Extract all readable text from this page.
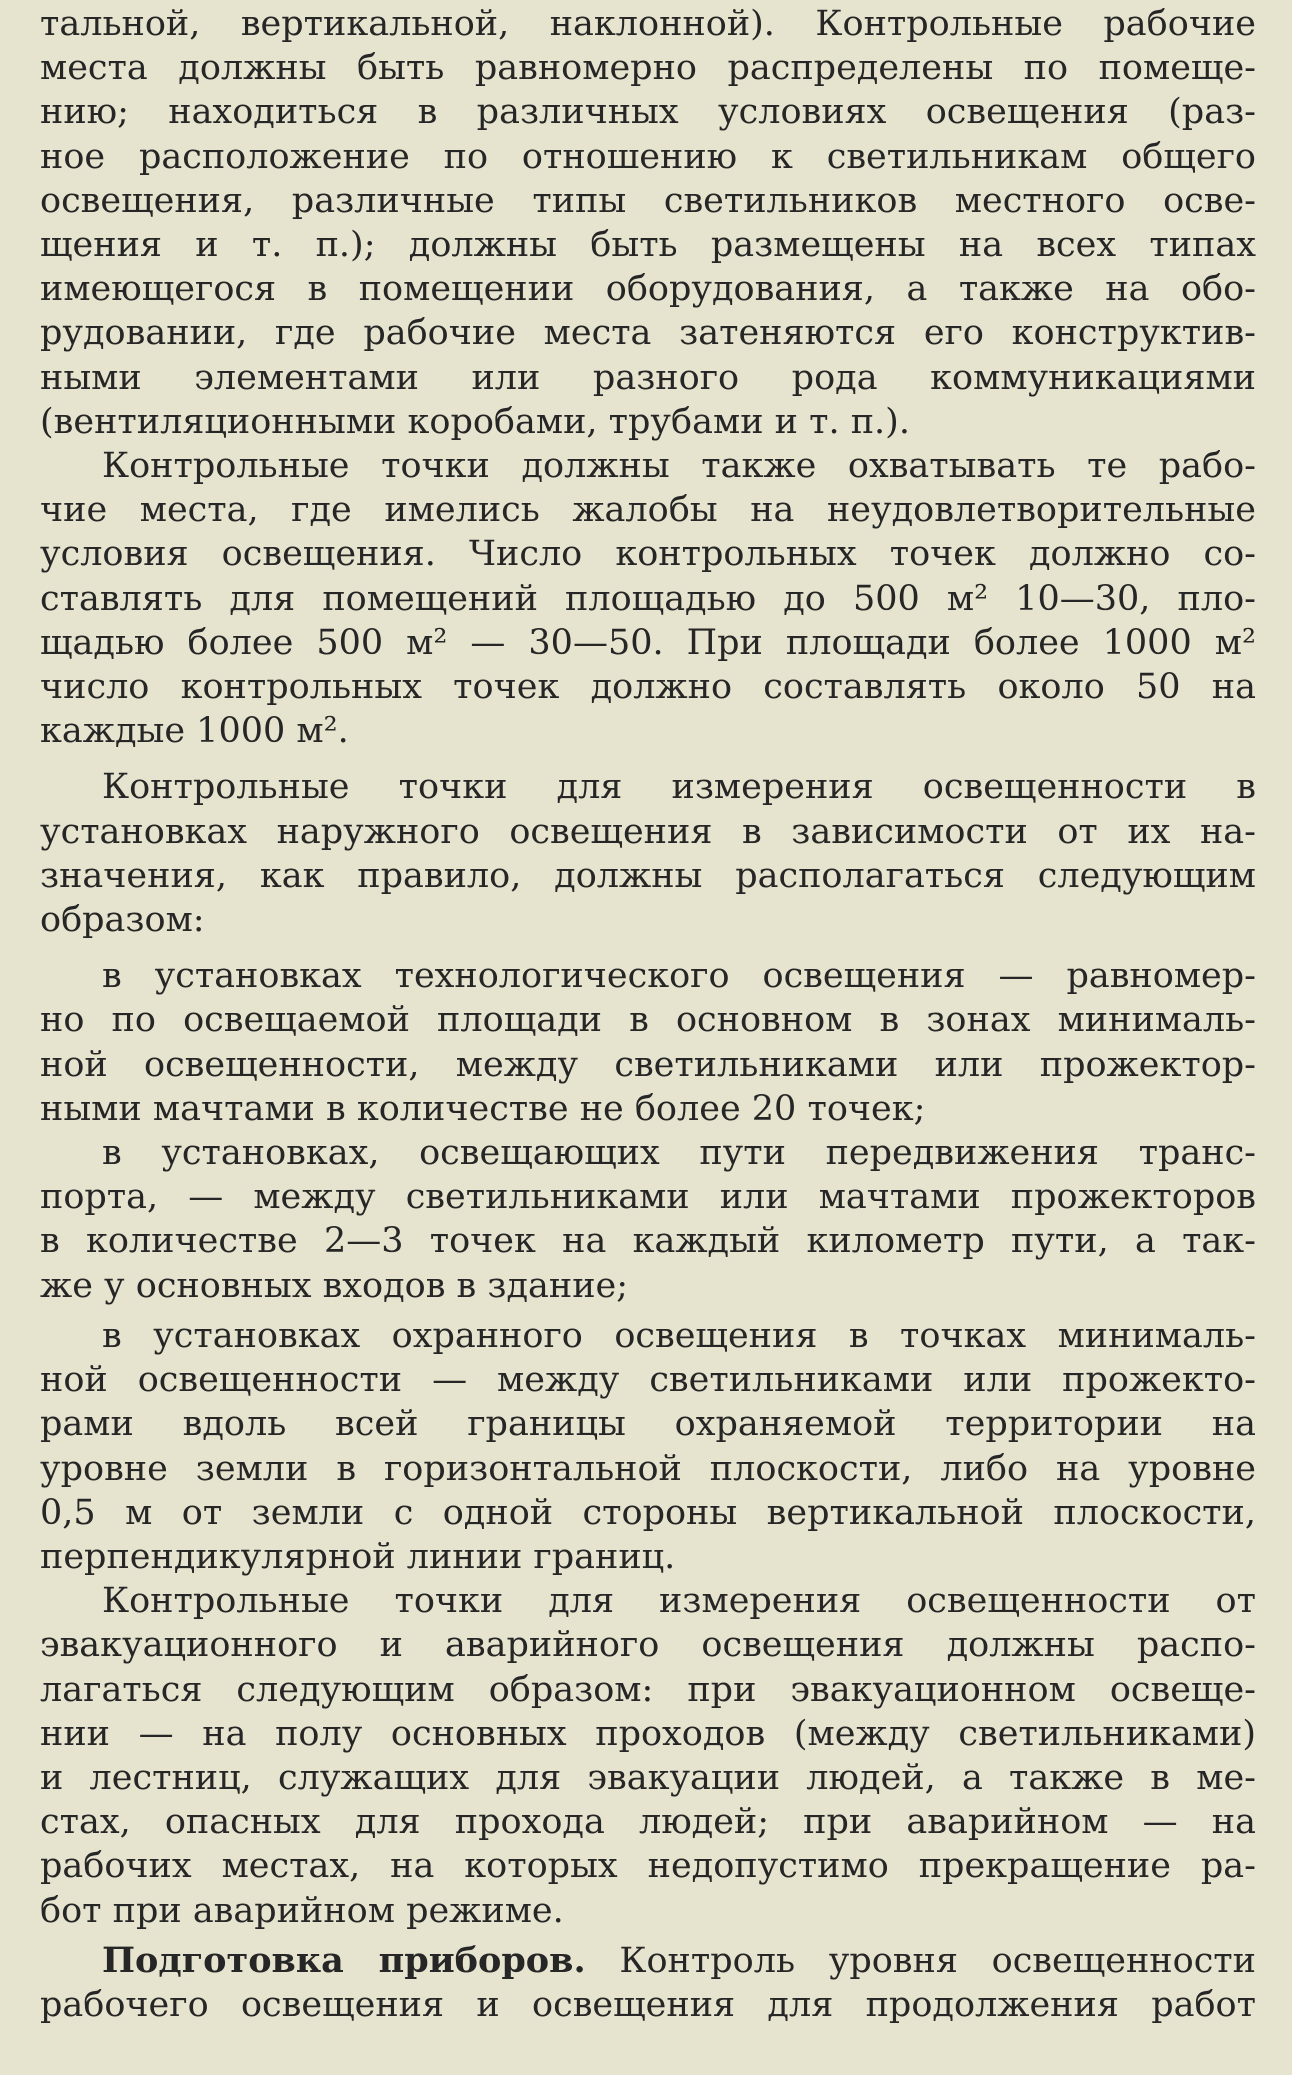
тальной, вертикальной, наклонной). Контрольные рабочие
места должны быть равномерно распределены по помеще-
нию; находиться в различных условиях освещения (раз-
ное расположение по отношению к светильникам общего
освещения, различные типы светильников местного осве-
щения и т. п.); должны быть размещены на всех типах
имеющегося в помещении оборудования, а также на обо-
рудовании, где рабочие места затеняются его конструктив-
ными элементами или разного рода коммуникациями
(вентиляционными коробами, трубами и т. п.).
Контрольные точки должны также охватывать те рабо-
чие места, где имелись жалобы на неудовлетворительные
условия освещения. Число контрольных точек должно со-
ставлять для помещений площадью до 500 м² 10—30, пло-
щадью более 500 м² — 30—50. При площади более 1000 м²
число контрольных точек должно составлять около 50 на
каждые 1000 м².
Контрольные точки для измерения освещенности в
установках наружного освещения в зависимости от их на-
значения, как правило, должны располагаться следующим
образом:
в установках технологического освещения — равномер-
но по освещаемой площади в основном в зонах минималь-
ной освещенности, между светильниками или прожектор-
ными мачтами в количестве не более 20 точек;
в установках, освещающих пути передвижения транс-
порта, — между светильниками или мачтами прожекторов
в количестве 2—3 точек на каждый километр пути, а так-
же у основных входов в здание;
в установках охранного освещения в точках минималь-
ной освещенности — между светильниками или прожекто-
рами вдоль всей границы охраняемой территории на
уровне земли в горизонтальной плоскости, либо на уровне
0,5 м от земли с одной стороны вертикальной плоскости,
перпендикулярной линии границ.
Контрольные точки для измерения освещенности от
эвакуационного и аварийного освещения должны распо-
лагаться следующим образом: при эвакуационном освеще-
нии — на полу основных проходов (между светильниками)
и лестниц, служащих для эвакуации людей, а также в ме-
стах, опасных для прохода людей; при аварийном — на
рабочих местах, на которых недопустимо прекращение ра-
бот при аварийном режиме.
Подготовка приборов. Контроль уровня освещенности
рабочего освещения и освещения для продолжения работ
